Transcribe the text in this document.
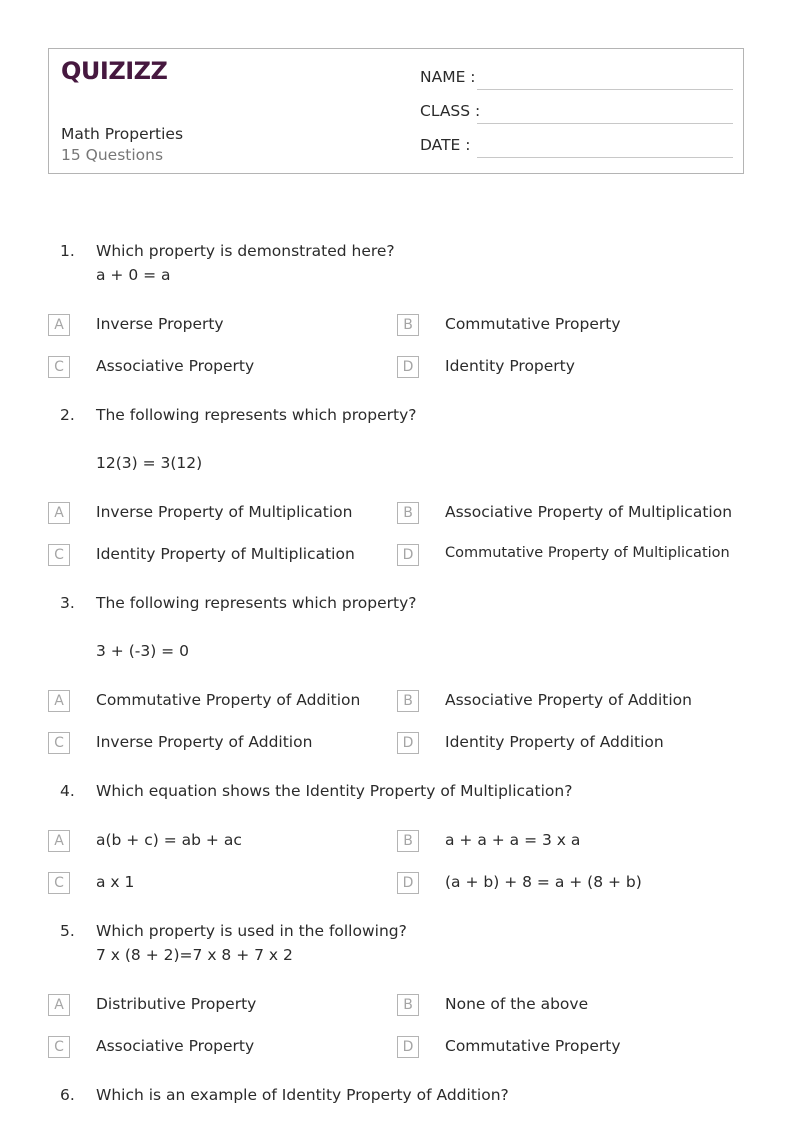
QUIZIZZ
Math Properties
15 Questions
NAME :
CLASS :
DATE :
1. Which property is demonstrated here?
a + 0 = a
A	Inverse Property	B	Commutative Property
C	Associative Property	D	Identity Property
2. The following represents which property?
12(3) = 3(12)
A	Inverse Property of Multiplication	B	Associative Property of Multiplication
C	Identity Property of Multiplication	D	Commutative Property of Multiplication
3. The following represents which property?
3 + (-3) = 0
A	Commutative Property of Addition	B	Associative Property of Addition
C	Inverse Property of Addition	D	Identity Property of Addition
4. Which equation shows the Identity Property of Multiplication?
A	a(b + c) = ab + ac	B	a + a + a = 3 x a
C	a x 1	D	(a + b) + 8 = a + (8 + b)
5. Which property is used in the following?
7 x (8 + 2)=7 x 8 + 7 x 2
A	Distributive Property	B	None of the above
C	Associative Property	D	Commutative Property
6. Which is an example of Identity Property of Addition?
